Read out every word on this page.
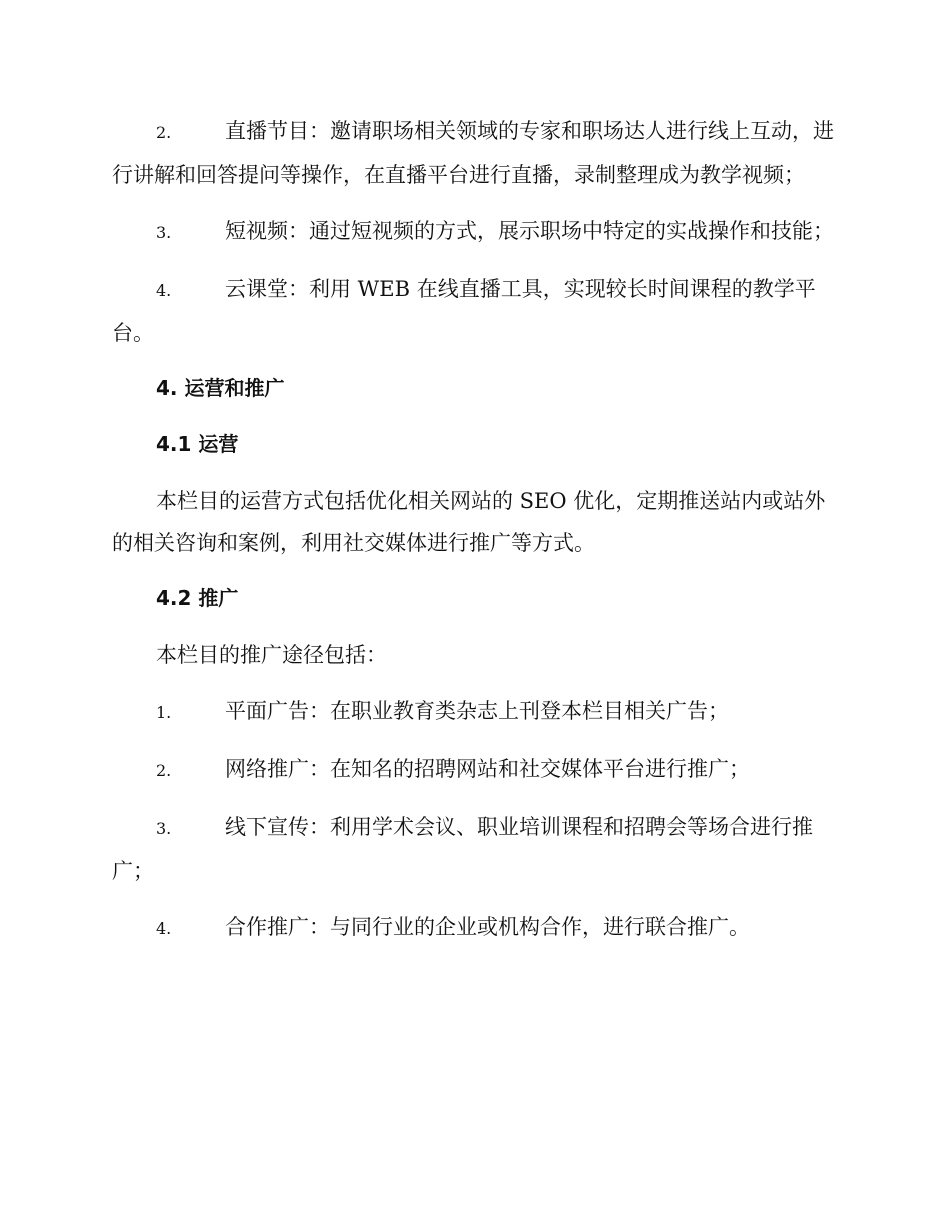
2.	直播节目：邀请职场相关领域的专家和职场达人进行线上互动，进行讲解和回答提问等操作，在直播平台进行直播，录制整理成为教学视频；
3.	短视频：通过短视频的方式，展示职场中特定的实战操作和技能；
4.	云课堂：利用 WEB 在线直播工具，实现较长时间课程的教学平台。
4. 运营和推广
4.1 运营
本栏目的运营方式包括优化相关网站的 SEO 优化，定期推送站内或站外的相关咨询和案例，利用社交媒体进行推广等方式。
4.2 推广
本栏目的推广途径包括：
1.	平面广告：在职业教育类杂志上刊登本栏目相关广告；
2.	网络推广：在知名的招聘网站和社交媒体平台进行推广；
3.	线下宣传：利用学术会议、职业培训课程和招聘会等场合进行推广；
4.	合作推广：与同行业的企业或机构合作，进行联合推广。
